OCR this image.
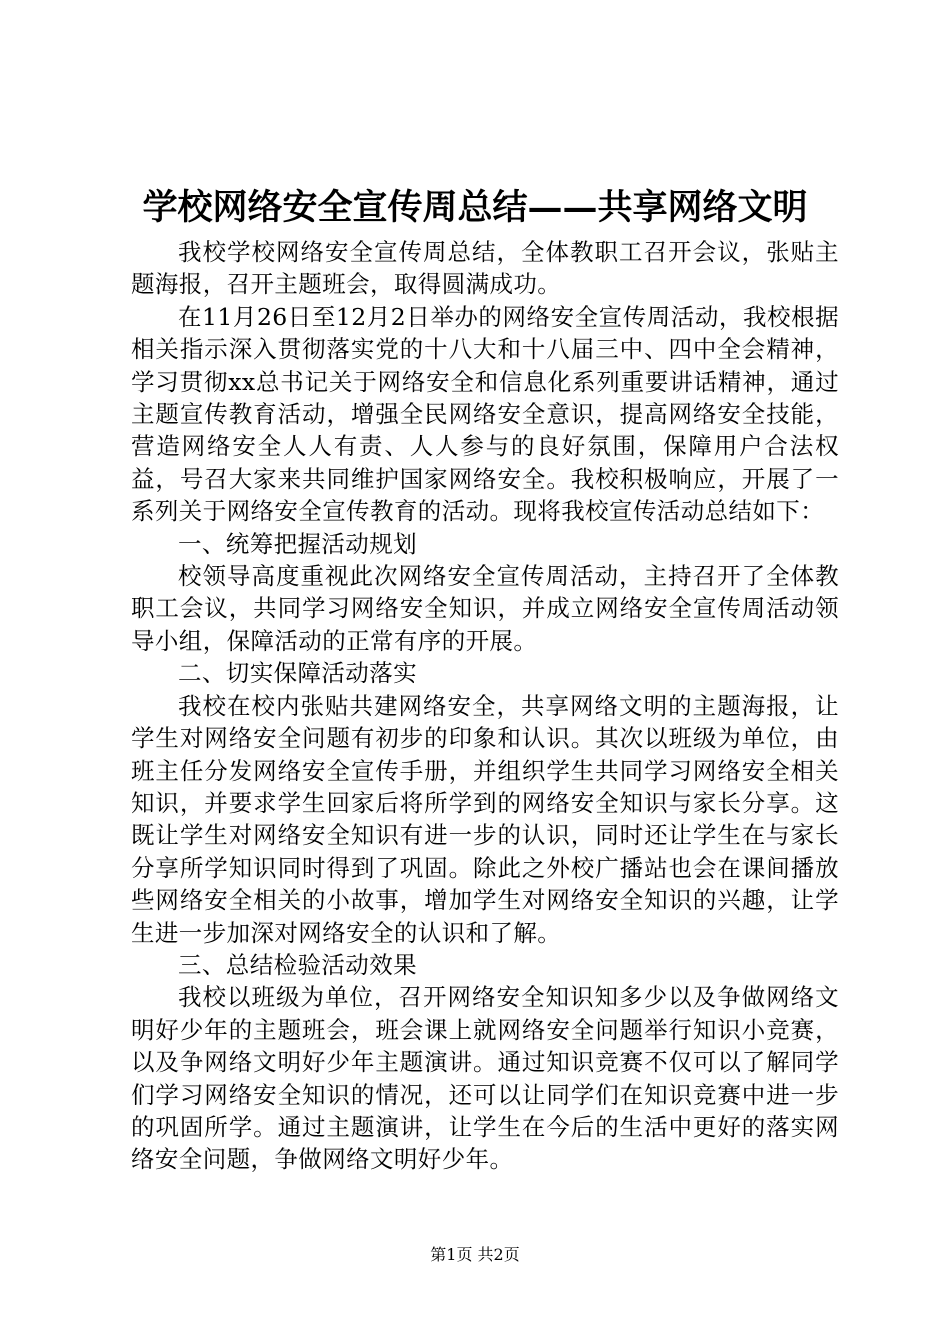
学校网络安全宣传周总结——共享网络文明

我校学校网络安全宣传周总结，全体教职工召开会议，张贴主题海报，召开主题班会，取得圆满成功。

在11月26日至12月2日举办的网络安全宣传周活动，我校根据相关指示深入贯彻落实党的十八大和十八届三中、四中全会精神，学习贯彻xx总书记关于网络安全和信息化系列重要讲话精神，通过主题宣传教育活动，增强全民网络安全意识，提高网络安全技能，营造网络安全人人有责、人人参与的良好氛围，保障用户合法权益，号召大家来共同维护国家网络安全。我校积极响应，开展了一系列关于网络安全宣传教育的活动。现将我校宣传活动总结如下：

一、统筹把握活动规划

校领导高度重视此次网络安全宣传周活动，主持召开了全体教职工会议，共同学习网络安全知识，并成立网络安全宣传周活动领导小组，保障活动的正常有序的开展。

二、切实保障活动落实

我校在校内张贴共建网络安全，共享网络文明的主题海报，让学生对网络安全问题有初步的印象和认识。其次以班级为单位，由班主任分发网络安全宣传手册，并组织学生共同学习网络安全相关知识，并要求学生回家后将所学到的网络安全知识与家长分享。这既让学生对网络安全知识有进一步的认识，同时还让学生在与家长分享所学知识同时得到了巩固。除此之外校广播站也会在课间播放些网络安全相关的小故事，增加学生对网络安全知识的兴趣，让学生进一步加深对网络安全的认识和了解。

三、总结检验活动效果

我校以班级为单位，召开网络安全知识知多少以及争做网络文明好少年的主题班会，班会课上就网络安全问题举行知识小竞赛，以及争网络文明好少年主题演讲。通过知识竞赛不仅可以了解同学们学习网络安全知识的情况，还可以让同学们在知识竞赛中进一步的巩固所学。通过主题演讲，让学生在今后的生活中更好的落实网络安全问题，争做网络文明好少年。

第1页 共2页
